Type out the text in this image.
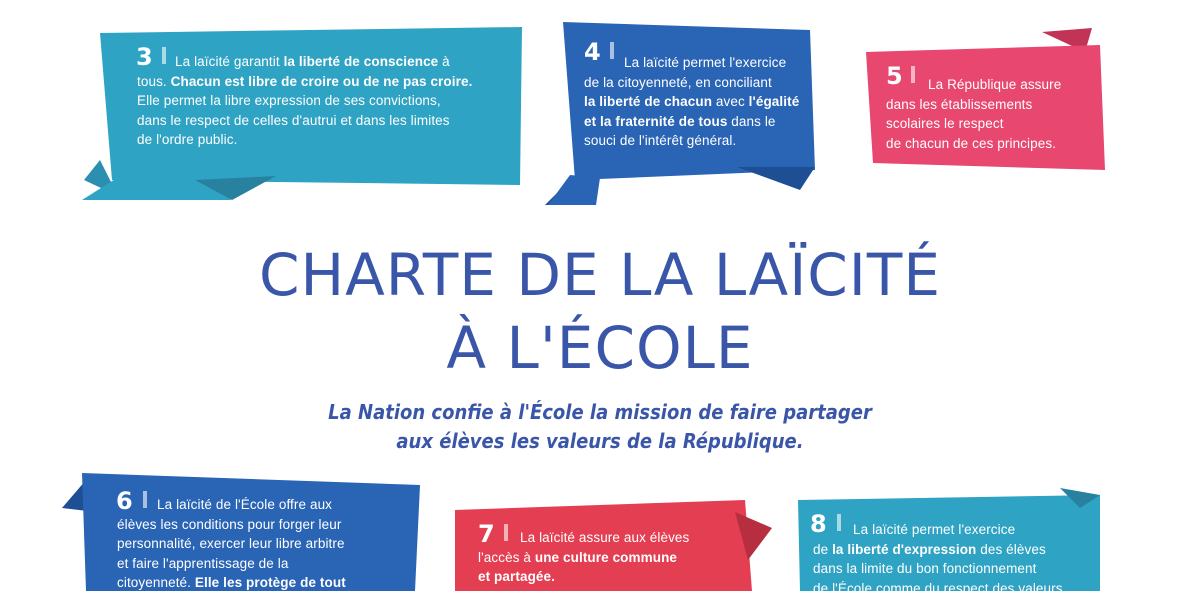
3 La laïcité garantit la liberté de conscience à
tous. Chacun est libre de croire ou de ne pas croire.
Elle permet la libre expression de ses convictions,
dans le respect de celles d'autrui et dans les limites
de l'ordre public.
4 La laïcité permet l'exercice
de la citoyenneté, en conciliant
la liberté de chacun avec l'égalité
et la fraternité de tous dans le
souci de l'intérêt général.
5 La République assure
dans les établissements
scolaires le respect
de chacun de ces principes.
CHARTE DE LA LAÏCITÉ
À L'ÉCOLE
La Nation confie à l'École la mission de faire partager
aux élèves les valeurs de la République.
6 La laïcité de l'École offre aux
élèves les conditions pour forger leur
personnalité, exercer leur libre arbitre
et faire l'apprentissage de la
citoyenneté. Elle les protège de tout
7 La laïcité assure aux élèves
l'accès à une culture commune
et partagée.
8 La laïcité permet l'exercice
de la liberté d'expression des élèves
dans la limite du bon fonctionnement
de l'École comme du respect des valeurs
